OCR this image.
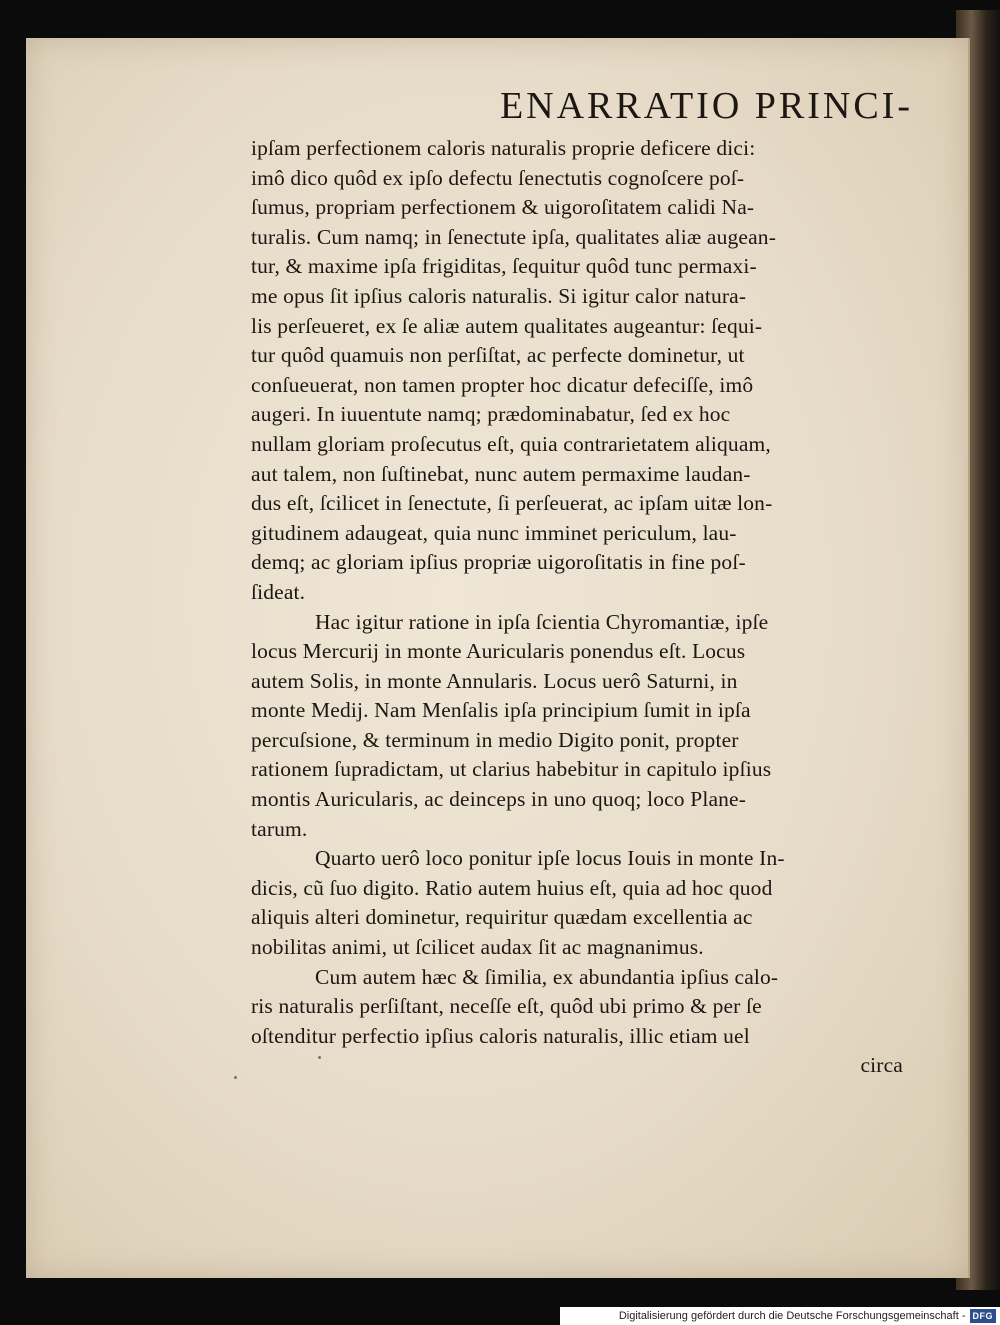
ENARRATIO PRINCI-
ipſam perfectionem caloris naturalis proprie deficere dici:
imô dico quôd ex ipſo defectu ſenectutis cognoſcere poſ-
ſumus, propriam perfectionem & uigoroſitatem calidi Na-
turalis. Cum namq; in ſenectute ipſa, qualitates aliæ augean-
tur, & maxime ipſa frigiditas, ſequitur quôd tunc permaxi-
me opus ſit ipſius caloris naturalis. Si igitur calor natura-
lis perſeueret, ex ſe aliæ autem qualitates augeantur: ſequi-
tur quôd quamuis non perſiſtat, ac perfecte dominetur, ut
conſueuerat, non tamen propter hoc dicatur defeciſſe, imô
augeri. In iuuentute namq; prædominabatur, ſed ex hoc
nullam gloriam proſecutus eſt, quia contrarietatem aliquam,
aut talem, non ſuſtinebat, nunc autem permaxime laudan-
dus eſt, ſcilicet in ſenectute, ſi perſeuerat, ac ipſam uitæ lon-
gitudinem adaugeat, quia nunc imminet periculum, lau-
demq; ac gloriam ipſius propriæ uigoroſitatis in fine poſ-
ſideat.
Hac igitur ratione in ipſa ſcientia Chyromantiæ, ipſe
locus Mercurij in monte Auricularis ponendus eſt. Locus
autem Solis, in monte Annularis. Locus uerô Saturni, in
monte Medij. Nam Menſalis ipſa principium ſumit in ipſa
percuſsione, & terminum in medio Digito ponit, propter
rationem ſupradictam, ut clarius habebitur in capitulo ipſius
montis Auricularis, ac deinceps in uno quoq; loco Plane-
tarum.
Quarto uerô loco ponitur ipſe locus Iouis in monte In-
dicis, cũ ſuo digito. Ratio autem huius eſt, quia ad hoc quod
aliquis alteri dominetur, requiritur quædam excellentia ac
nobilitas animi, ut ſcilicet audax ſit ac magnanimus.
Cum autem hæc & ſimilia, ex abundantia ipſius calo-
ris naturalis perſiſtant, neceſſe eſt, quôd ubi primo & per ſe
oſtenditur perfectio ipſius caloris naturalis, illic etiam uel
circa
Digitalisierung gefördert durch die Deutsche Forschungsgemeinschaft - DFG
